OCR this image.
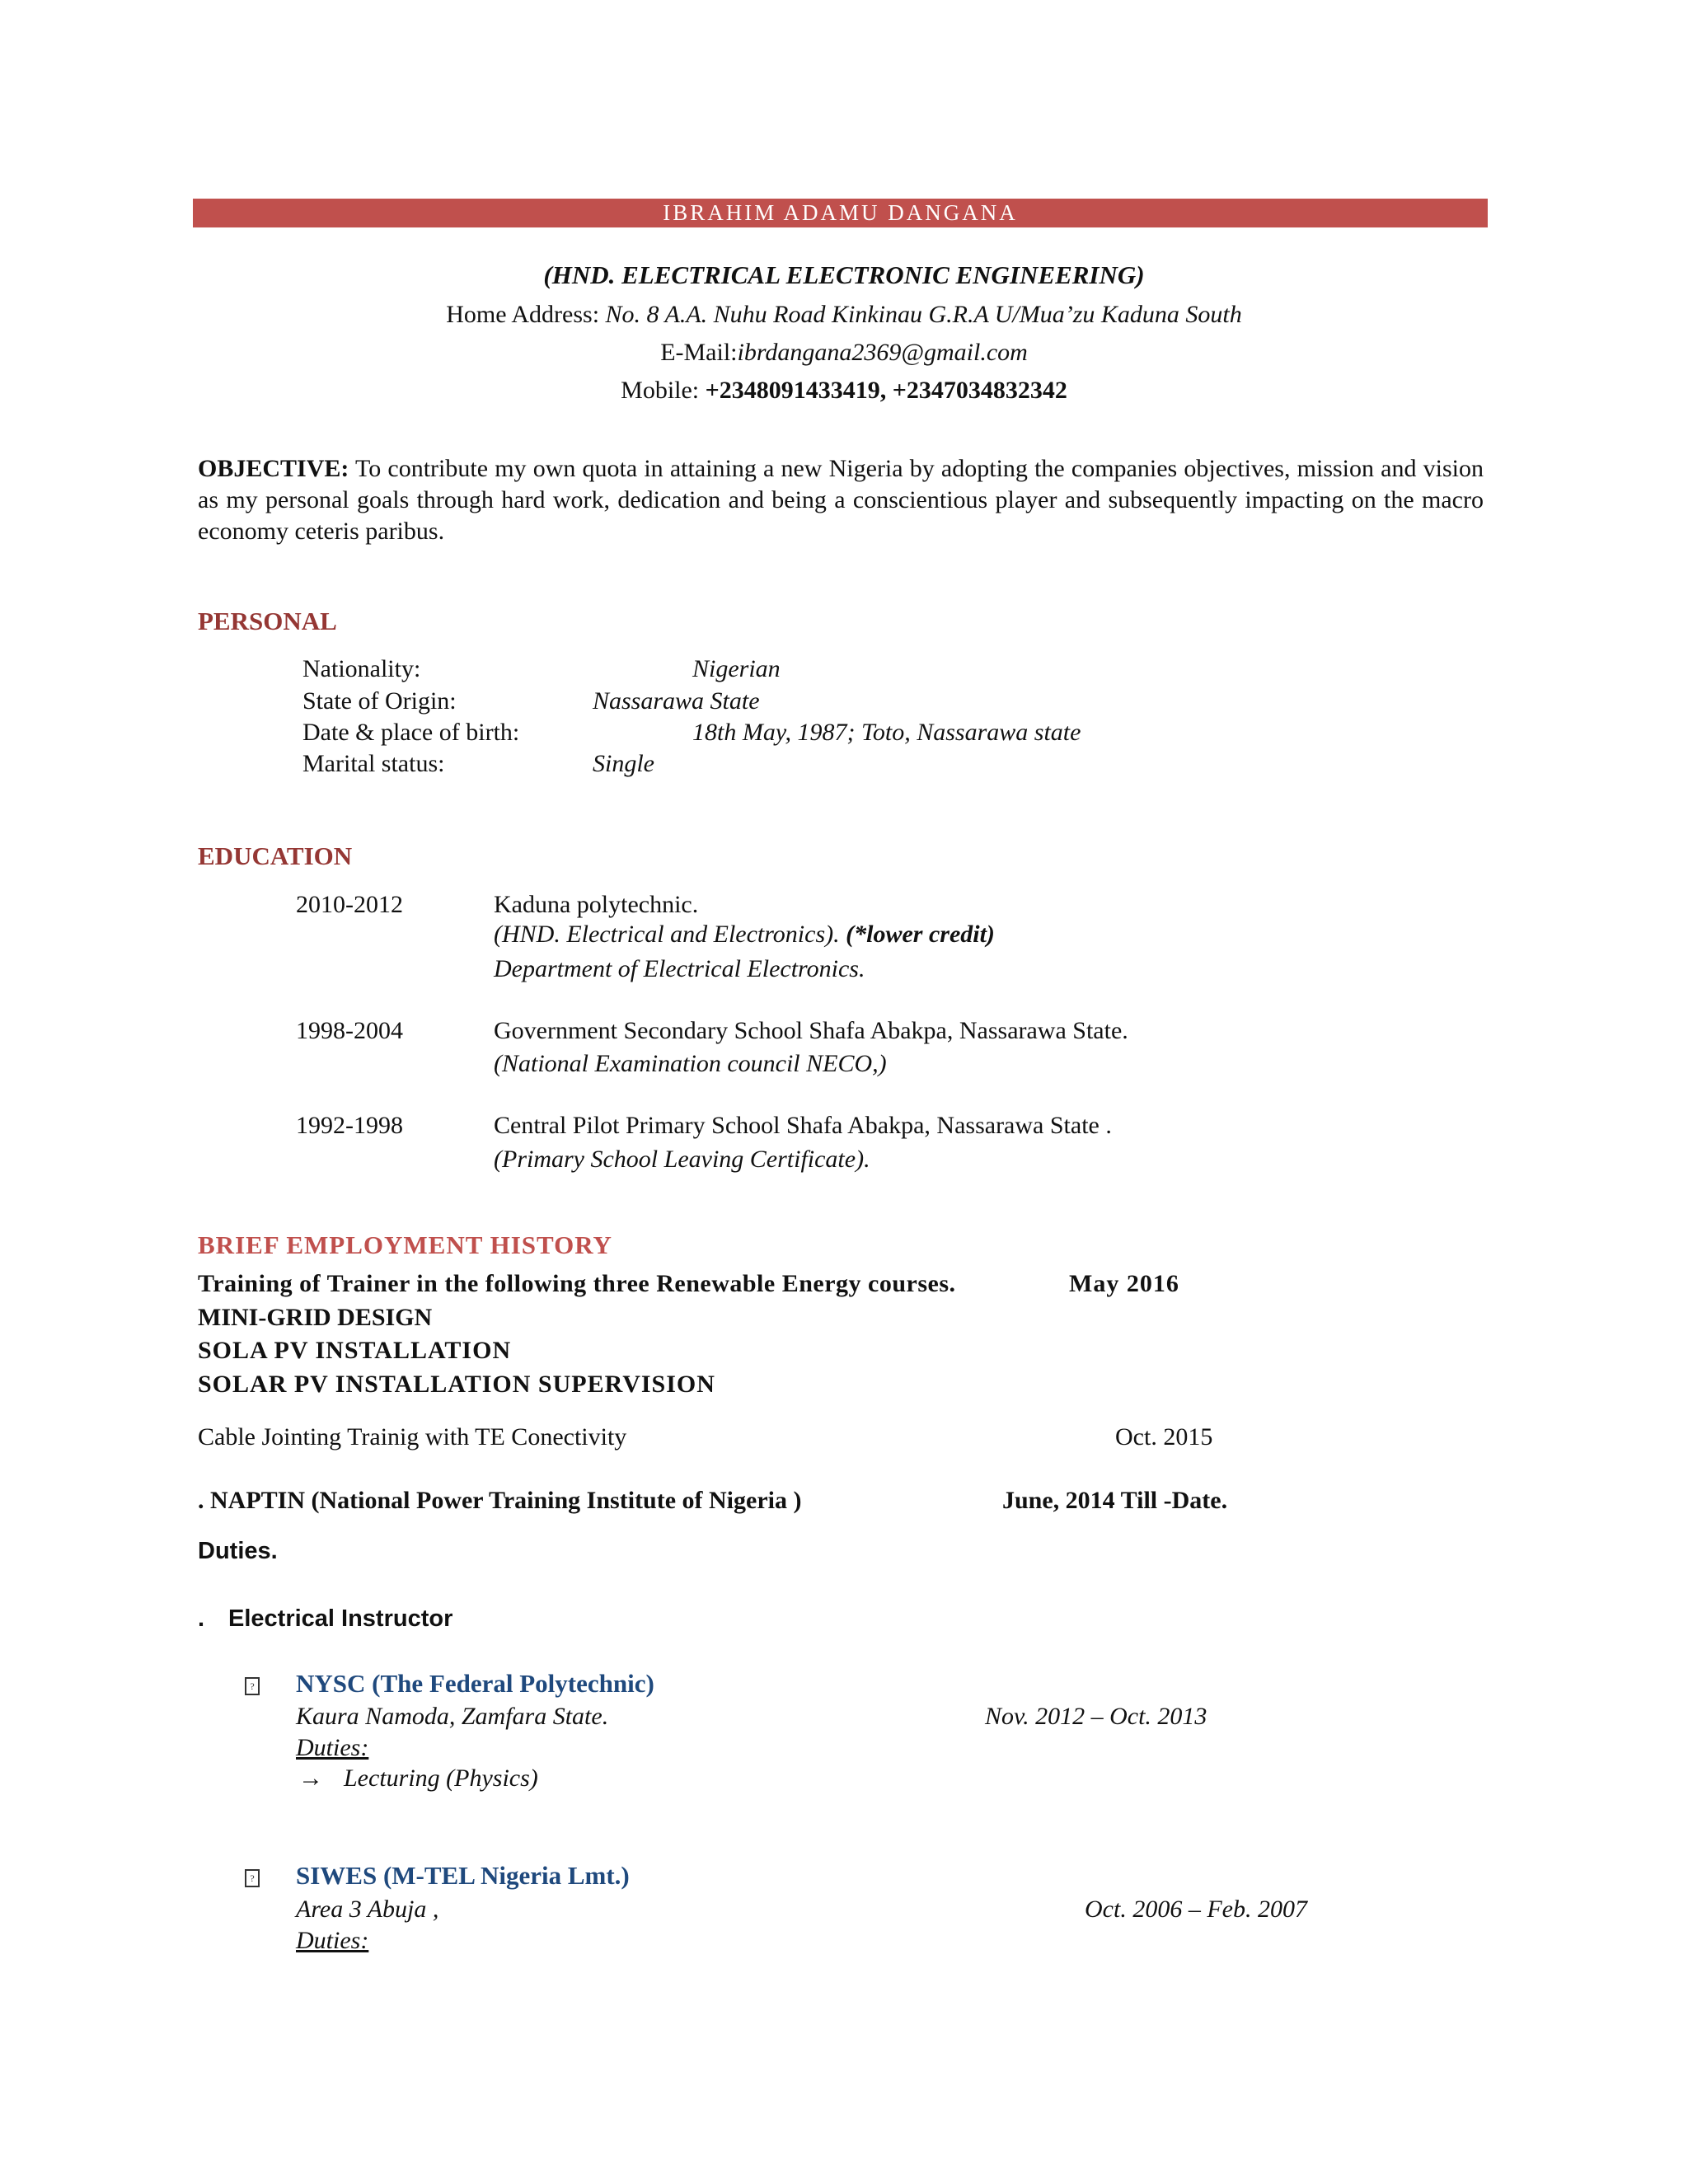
IBRAHIM ADAMU DANGANA
(HND. ELECTRICAL ELECTRONIC ENGINEERING)
Home Address: No. 8 A.A. Nuhu Road Kinkinau G.R.A U/Mua’zu Kaduna South
E-Mail:ibrdangana2369@gmail.com
Mobile: +2348091433419, +2347034832342
OBJECTIVE: To contribute my own quota in attaining a new Nigeria by adopting the companies objectives, mission and vision as my personal goals through hard work, dedication and being a conscientious player and subsequently impacting on the macro economy ceteris paribus.
PERSONAL
Nationality:	Nigerian
State of Origin:	Nassarawa State
Date & place of birth:	18th May, 1987; Toto, Nassarawa state
Marital status:	Single
EDUCATION
2010-2012	Kaduna polytechnic.
(HND. Electrical and Electronics). (*lower credit)
Department of Electrical Electronics.
1998-2004	Government Secondary School Shafa Abakpa, Nassarawa State.
(National Examination council NECO,)
1992-1998	Central Pilot Primary School Shafa Abakpa, Nassarawa State .
(Primary School Leaving Certificate).
BRIEF EMPLOYMENT HISTORY
Training of Trainer in the following three Renewable Energy courses.	May 2016
MINI-GRID DESIGN
SOLA PV INSTALLATION
SOLAR PV INSTALLATION SUPERVISION
Cable Jointing Trainig with TE Conectivity	Oct. 2015
. NAPTIN (National Power Training Institute of Nigeria )	June, 2014 Till -Date.
Duties.
. Electrical Instructor
? NYSC (The Federal Polytechnic)
Kaura Namoda, Zamfara State.	Nov. 2012 – Oct. 2013
Duties:
→ Lecturing (Physics)
? SIWES (M-TEL Nigeria Lmt.)
Area 3 Abuja ,	Oct. 2006 – Feb. 2007
Duties:
